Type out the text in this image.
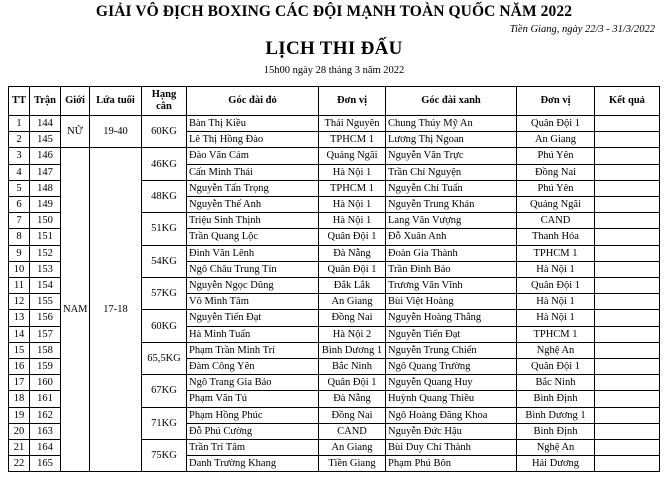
GIẢI VÔ ĐỊCH BOXING CÁC ĐỘI MẠNH TOÀN QUỐC NĂM 2022
Tiền Giang, ngày 22/3 - 31/3/2022
LỊCH THI ĐẤU
15h00 ngày 28 tháng 3 năm 2022
TT	Trận	Giới	Lứa tuổi	Hạng cân	Góc đài đỏ	Đơn vị	Góc đài xanh	Đơn vị	Kết quả
1	144	NỮ	19-40	60KG	Bàn Thị Kiều	Thái Nguyên	Chung Thúy Mỹ An	Quân Đội 1	
2	145				Lê Thị Hồng Đào	TPHCM 1	Lương Thị Ngoan	An Giang	
3	146	NAM	17-18	46KG	Đào Văn Cảm	Quảng Ngãi	Nguyễn Văn Trực	Phú Yên	
4	147				Cấn Minh Thái	Hà Nội 1	Trần Chí Nguyện	Đồng Nai	
5	148			48KG	Nguyễn Tấn Trọng	TPHCM 1	Nguyễn Chí Tuấn	Phú Yên	
6	149				Nguyễn Thế Anh	Hà Nội 1	Nguyễn Trung Khán	Quảng Ngãi	
7	150			51KG	Triệu Sinh Thịnh	Hà Nội 1	Lang Văn Vượng	CAND	
8	151				Trần Quang Lộc	Quân Đội 1	Đỗ Xuân Anh	Thanh Hóa	
9	152			54KG	Đinh Văn Lênh	Đà Nẵng	Đoàn Gia Thành	TPHCM 1	
10	153				Ngô Châu Trung Tín	Quân Đội 1	Trần Đình Bảo	Hà Nội 1	
11	154			57KG	Nguyễn Ngọc Dũng	Đắk Lắk	Trương Văn Vĩnh	Quân Đội 1	
12	155				Võ Minh Tâm	An Giang	Bùi Việt Hoàng	Hà Nội 1	
13	156			60KG	Nguyễn Tiến Đạt	Đồng Nai	Nguyễn Hoàng Thắng	Hà Nội 1	
14	157				Hà Minh Tuấn	Hà Nội 2	Nguyễn Tiến Đạt	TPHCM 1	
15	158			65,5KG	Phạm Trần Minh Trí	Bình Dương 1	Nguyễn Trung Chiến	Nghệ An	
16	159				Đàm Công Yên	Bắc Ninh	Ngô Quang Trường	Quân Đội 1	
17	160			67KG	Ngô Trang Gia Bảo	Quân Đội 1	Nguyễn Quang Huy	Bắc Ninh	
18	161				Phạm Văn Tú	Đà Nẵng	Huỳnh Quang Thiều	Bình Định	
19	162			71KG	Phạm Hồng Phúc	Đồng Nai	Ngô Hoàng Đăng Khoa	Bình Dương 1	
20	163				Đỗ Phú Cường	CAND	Nguyễn Đức Hậu	Bình Định	
21	164			75KG	Trần Trí Tâm	An Giang	Bùi Duy Chí Thành	Nghệ An	
22	165				Danh Trường Khang	Tiền Giang	Phạm Phú Bôn	Hải Dương	
